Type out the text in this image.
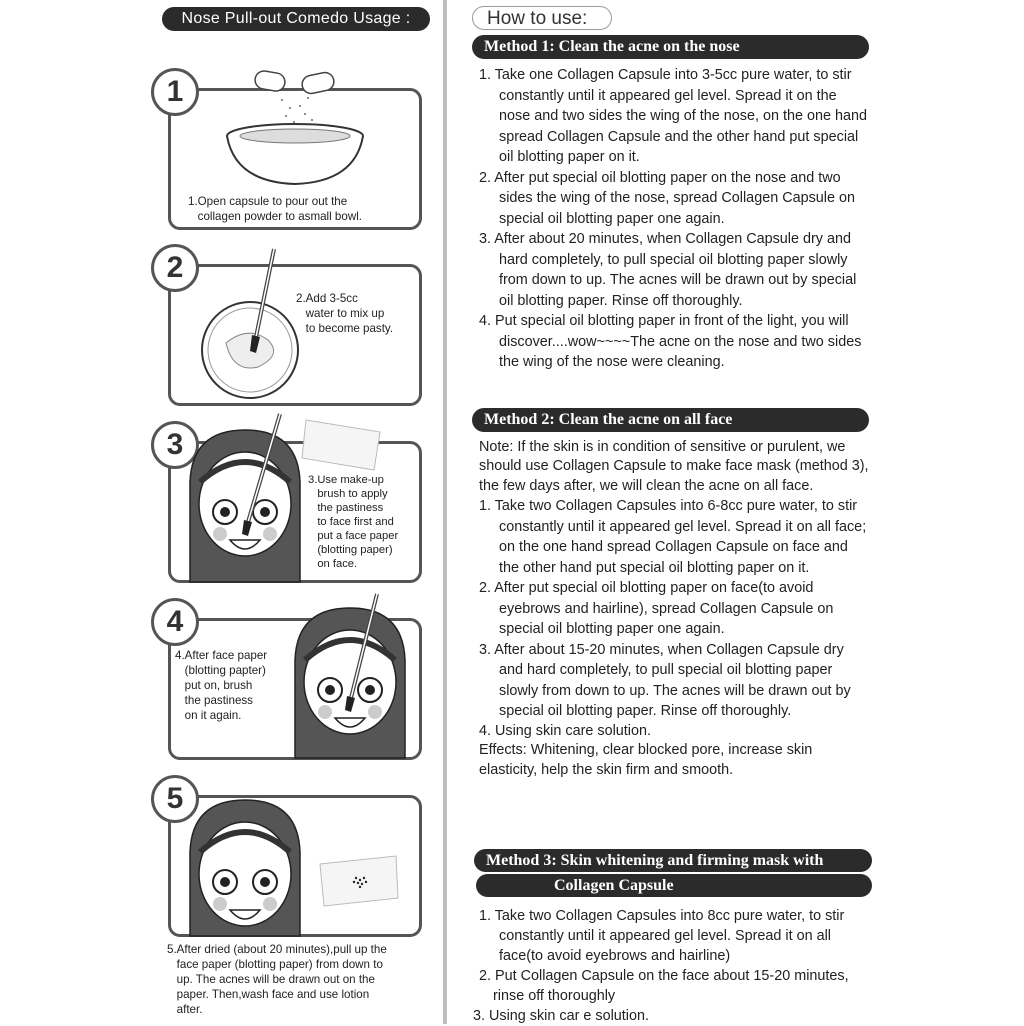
Nose Pull-out Comedo Usage :
1
1.Open capsule to pour out the
collagen powder to asmall bowl.
2
2.Add 3-5cc
water to mix up
to become pasty.
3
3.Use make-up
brush to apply
the pastiness
to face first and
put a face paper
(blotting paper)
on face.
4
4.After face paper
(blotting papter)
put on, brush
the pastiness
on it again.
5
5.After dried (about 20 minutes),pull up the
face paper (blotting paper) from down to
up. The acnes will be drawn out on the
paper. Then,wash face and use lotion
after.
How to use:
Method 1: Clean the acne on the nose

1. Take one Collagen Capsule into 3-5cc pure water, to stir constantly until it appeared gel level. Spread it on the nose and two sides the wing of the nose, on the one hand spread Collagen Capsule and the other hand put special oil blotting paper on it.

2. After put special oil blotting paper on the nose and two sides the wing of the nose, spread Collagen Capsule on special oil blotting paper one again.

3. After about 20 minutes, when Collagen Capsule dry and hard completely, to pull special oil blotting paper slowly from down to up. The acnes will be drawn out by special oil blotting paper. Rinse off thoroughly.

4. Put special oil blotting paper in front of the light, you will discover....wow~~~~The acne on the nose and two sides the wing of the nose were cleaning.

Method 2: Clean the acne on all face

Note: If the skin is in condition of sensitive or purulent, we should use Collagen Capsule to make face mask (method 3), the few days after, we will clean the acne on all face.

1. Take two Collagen Capsules into 6-8cc pure water, to stir constantly until it appeared gel level. Spread it on all face; on the one hand spread Collagen Capsule on face and the other hand put special oil blotting paper on it.

2. After put special oil blotting paper on face(to avoid eyebrows and hairline), spread Collagen Capsule on special oil blotting paper one again.

3. After about 15-20 minutes, when Collagen Capsule dry and hard completely, to pull special oil blotting paper slowly from down to up. The acnes will be drawn out by special oil blotting paper. Rinse off thoroughly.

4. Using skin care solution.

Effects: Whitening, clear blocked pore, increase skin elasticity, help the skin firm and smooth.

Method 3: Skin whitening and firming mask with
Collagen Capsule

1. Take two Collagen Capsules into 8cc pure water, to stir constantly until it appeared gel level. Spread it on all face(to avoid eyebrows and hairline)

2. Put Collagen Capsule on the face about 15-20 minutes, rinse off thoroughly

3. Using skin car e solution.
